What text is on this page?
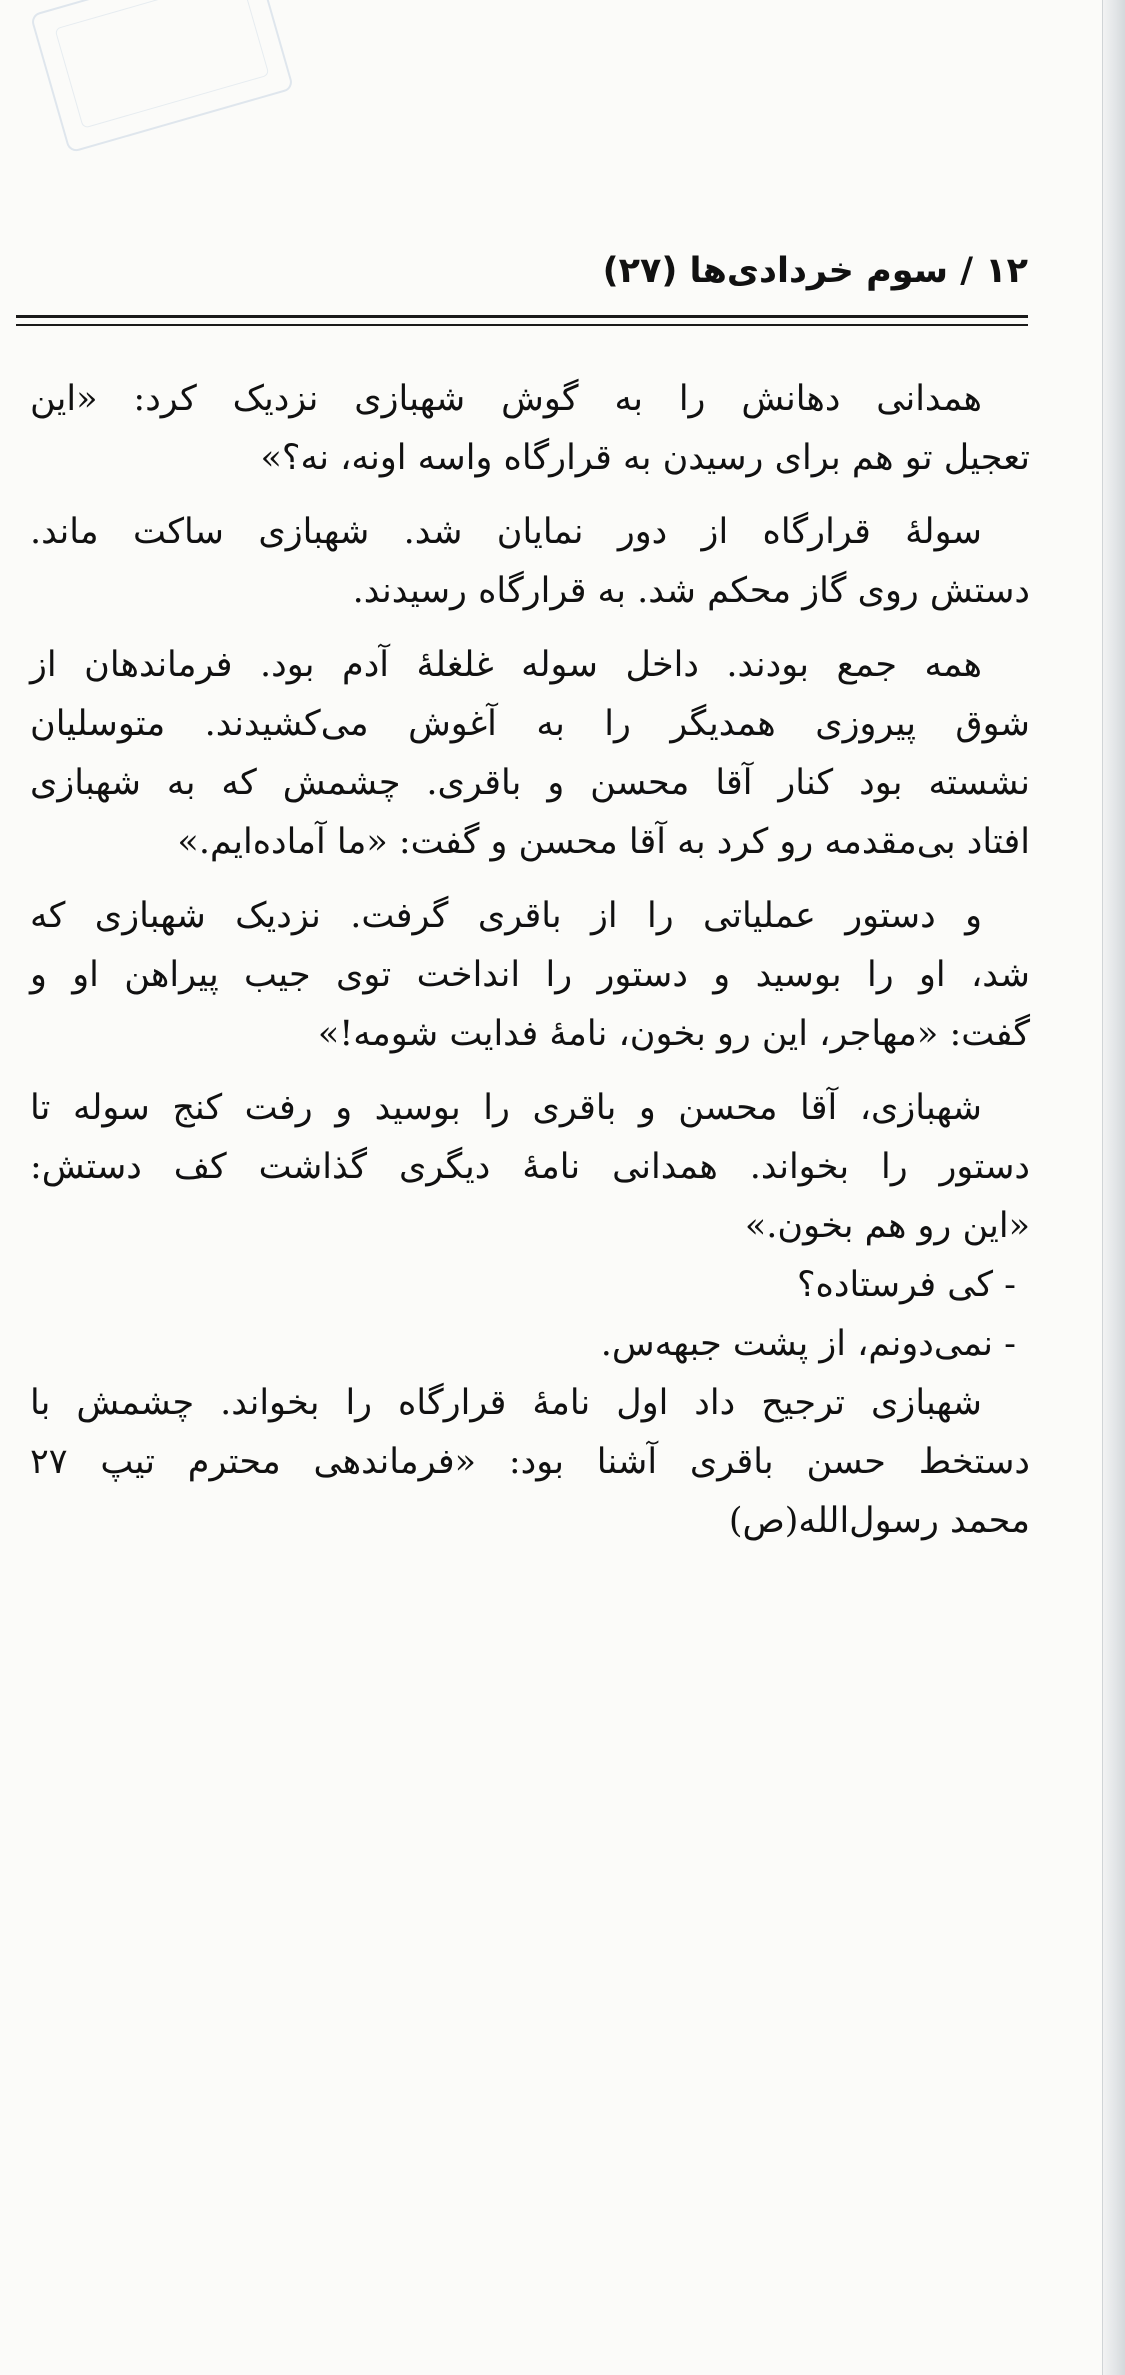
۱۲ / سوم خردادی‌ها (۲۷)
همدانی دهانش را به گوش شهبازی نزدیک کرد: «این
تعجیل تو هم برای رسیدن به قرارگاه واسه اونه، نه؟»
سولهٔ قرارگاه از دور نمایان شد. شهبازی ساکت ماند.
دستش روی گاز محکم شد. به قرارگاه رسیدند.
همه جمع بودند. داخل سوله غلغلهٔ آدم بود. فرماندهان از
شوق پیروزی همدیگر را به آغوش می‌کشیدند. متوسلیان
نشسته بود کنار آقا محسن و باقری. چشمش که به شهبازی
افتاد بی‌مقدمه رو کرد به آقا محسن و گفت: «ما آماده‌ایم.»
و دستور عملیاتی را از باقری گرفت. نزدیک شهبازی که
شد، او را بوسید و دستور را انداخت توی جیب پیراهن او و
گفت: «مهاجر، این رو بخون، نامهٔ فدایت شومه!»
شهبازی، آقا محسن و باقری را بوسید و رفت کنج سوله تا
دستور را بخواند. همدانی نامهٔ دیگری گذاشت کف دستش:
«این رو هم بخون.»
- کی فرستاده؟
- نمی‌دونم، از پشت جبهه‌س.
شهبازی ترجیح داد اول نامهٔ قرارگاه را بخواند. چشمش با
دستخط حسن باقری آشنا بود: «فرماندهی محترم تیپ ۲۷
محمد رسول‌الله(ص)
